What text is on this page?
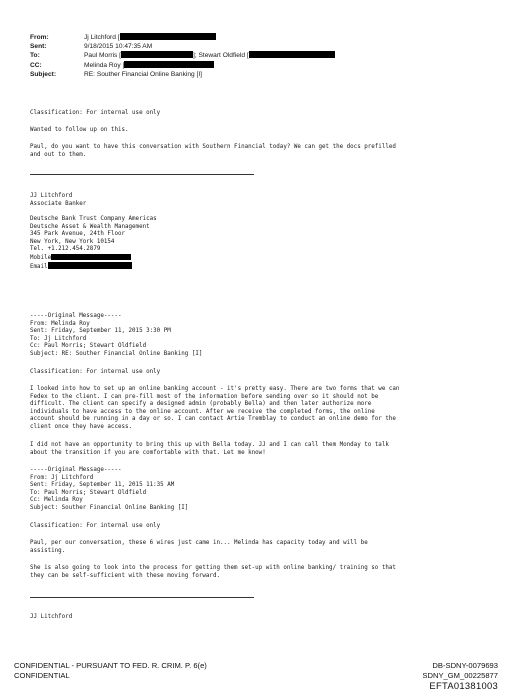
From:	Jj Litchford [
Sent:	9/18/2015 10:47:35 AM
To:	Paul Morris [	]; Stewart Oldfield [
CC:	Melinda Roy [
Subject:	RE: Souther Financial Online Banking [I]
Classification: For internal use only
Wanted to follow up on this.
Paul, do you want to have this conversation with Southern Financial today? We can get the docs prefilled
and out to them.
JJ Litchford
Associate Banker
Deutsche Bank Trust Company Americas
Deutsche Asset & Wealth Management
345 Park Avenue, 24th Floor
New York, New York 10154
Tel. +1.212.454.2879
Mobile
Email
-----Original Message-----
From: Melinda Roy
Sent: Friday, September 11, 2015 3:30 PM
To: Jj Litchford
Cc: Paul Morris; Stewart Oldfield
Subject: RE: Souther Financial Online Banking [I]
Classification: For internal use only
I looked into how to set up an online banking account - it's pretty easy. There are two forms that we can
Fedex to the client. I can pre-fill most of the information before sending over so it should not be
difficult. The client can specify a designed admin (probably Bella) and then later authorize more
individuals to have access to the online account. After we receive the completed forms, the online
account should be running in a day or so. I can contact Artie Tremblay to conduct an online demo for the
client once they have access.
I did not have an opportunity to bring this up with Bella today. JJ and I can call them Monday to talk
about the transition if you are comfortable with that. Let me know!
-----Original Message-----
From: Jj Litchford
Sent: Friday, September 11, 2015 11:35 AM
To: Paul Morris; Stewart Oldfield
Cc: Melinda Roy
Subject: Souther Financial Online Banking [I]
Classification: For internal use only
Paul, per our conversation, these 6 wires just came in... Melinda has capacity today and will be
assisting.
She is also going to look into the process for getting them set-up with online banking/ training so that
they can be self-sufficient with these moving forward.
JJ Litchford
CONFIDENTIAL - PURSUANT TO FED. R. CRIM. P. 6(e)
CONFIDENTIAL
DB-SDNY-0079693
SDNY_GM_00225877
EFTA01381003
